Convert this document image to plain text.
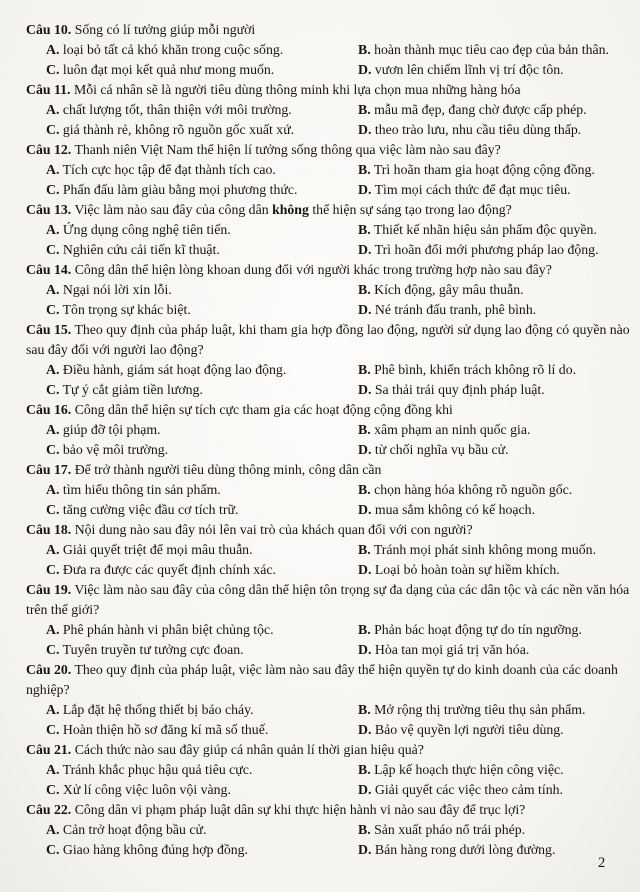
Câu 10. Sống có lí tưởng giúp mỗi người

A. loại bỏ tất cả khó khăn trong cuộc sống.	B. hoàn thành mục tiêu cao đẹp của bản thân.

C. luôn đạt mọi kết quả như mong muốn.	D. vươn lên chiếm lĩnh vị trí độc tôn.

Câu 11. Mỗi cá nhân sẽ là người tiêu dùng thông minh khi lựa chọn mua những hàng hóa

A. chất lượng tốt, thân thiện với môi trường.	B. mẫu mã đẹp, đang chờ được cấp phép.

C. giá thành rẻ, không rõ nguồn gốc xuất xứ.	D. theo trào lưu, nhu cầu tiêu dùng thấp.

Câu 12. Thanh niên Việt Nam thể hiện lí tưởng sống thông qua việc làm nào sau đây?

A. Tích cực học tập để đạt thành tích cao.	B. Trì hoãn tham gia hoạt động cộng đồng.

C. Phấn đấu làm giàu bằng mọi phương thức.	D. Tìm mọi cách thức để đạt mục tiêu.

Câu 13. Việc làm nào sau đây của công dân không thể hiện sự sáng tạo trong lao động?

A. Ứng dụng công nghệ tiên tiến.	B. Thiết kế nhãn hiệu sản phẩm độc quyền.

C. Nghiên cứu cải tiến kĩ thuật.	D. Trì hoãn đổi mới phương pháp lao động.

Câu 14. Công dân thể hiện lòng khoan dung đối với người khác trong trường hợp nào sau đây?

A. Ngại nói lời xin lỗi.	B. Kích động, gây mâu thuẫn.

C. Tôn trọng sự khác biệt.	D. Né tránh đấu tranh, phê bình.

Câu 15. Theo quy định của pháp luật, khi tham gia hợp đồng lao động, người sử dụng lao động có quyền nào sau đây đối với người lao động?

A. Điều hành, giám sát hoạt động lao động.	B. Phê bình, khiển trách không rõ lí do.

C. Tự ý cắt giảm tiền lương.	D. Sa thải trái quy định pháp luật.

Câu 16. Công dân thể hiện sự tích cực tham gia các hoạt động cộng đồng khi

A. giúp đỡ tội phạm.	B. xâm phạm an ninh quốc gia.

C. bảo vệ môi trường.	D. từ chối nghĩa vụ bầu cử.

Câu 17. Để trở thành người tiêu dùng thông minh, công dân cần

A. tìm hiểu thông tin sản phẩm.	B. chọn hàng hóa không rõ nguồn gốc.

C. tăng cường việc đầu cơ tích trữ.	D. mua sắm không có kế hoạch.

Câu 18. Nội dung nào sau đây nói lên vai trò của khách quan đối với con người?

A. Giải quyết triệt để mọi mâu thuẫn.	B. Tránh mọi phát sinh không mong muốn.

C. Đưa ra được các quyết định chính xác.	D. Loại bỏ hoàn toàn sự hiềm khích.

Câu 19. Việc làm nào sau đây của công dân thể hiện tôn trọng sự đa dạng của các dân tộc và các nền văn hóa trên thế giới?

A. Phê phán hành vi phân biệt chủng tộc.	B. Phản bác hoạt động tự do tín ngưỡng.

C. Tuyên truyền tư tưởng cực đoan.	D. Hòa tan mọi giá trị văn hóa.

Câu 20. Theo quy định của pháp luật, việc làm nào sau đây thể hiện quyền tự do kinh doanh của các doanh nghiệp?

A. Lắp đặt hệ thống thiết bị báo cháy.	B. Mở rộng thị trường tiêu thụ sản phẩm.

C. Hoàn thiện hồ sơ đăng kí mã số thuế.	D. Bảo vệ quyền lợi người tiêu dùng.

Câu 21. Cách thức nào sau đây giúp cá nhân quản lí thời gian hiệu quả?

A. Tránh khắc phục hậu quả tiêu cực.	B. Lập kế hoạch thực hiện công việc.

C. Xử lí công việc luôn vội vàng.	D. Giải quyết các việc theo cảm tính.

Câu 22. Công dân vi phạm pháp luật dân sự khi thực hiện hành vi nào sau đây để trục lợi?

A. Cản trở hoạt động bầu cử.	B. Sản xuất pháo nổ trái phép.

C. Giao hàng không đúng hợp đồng.	D. Bán hàng rong dưới lòng đường.

2
